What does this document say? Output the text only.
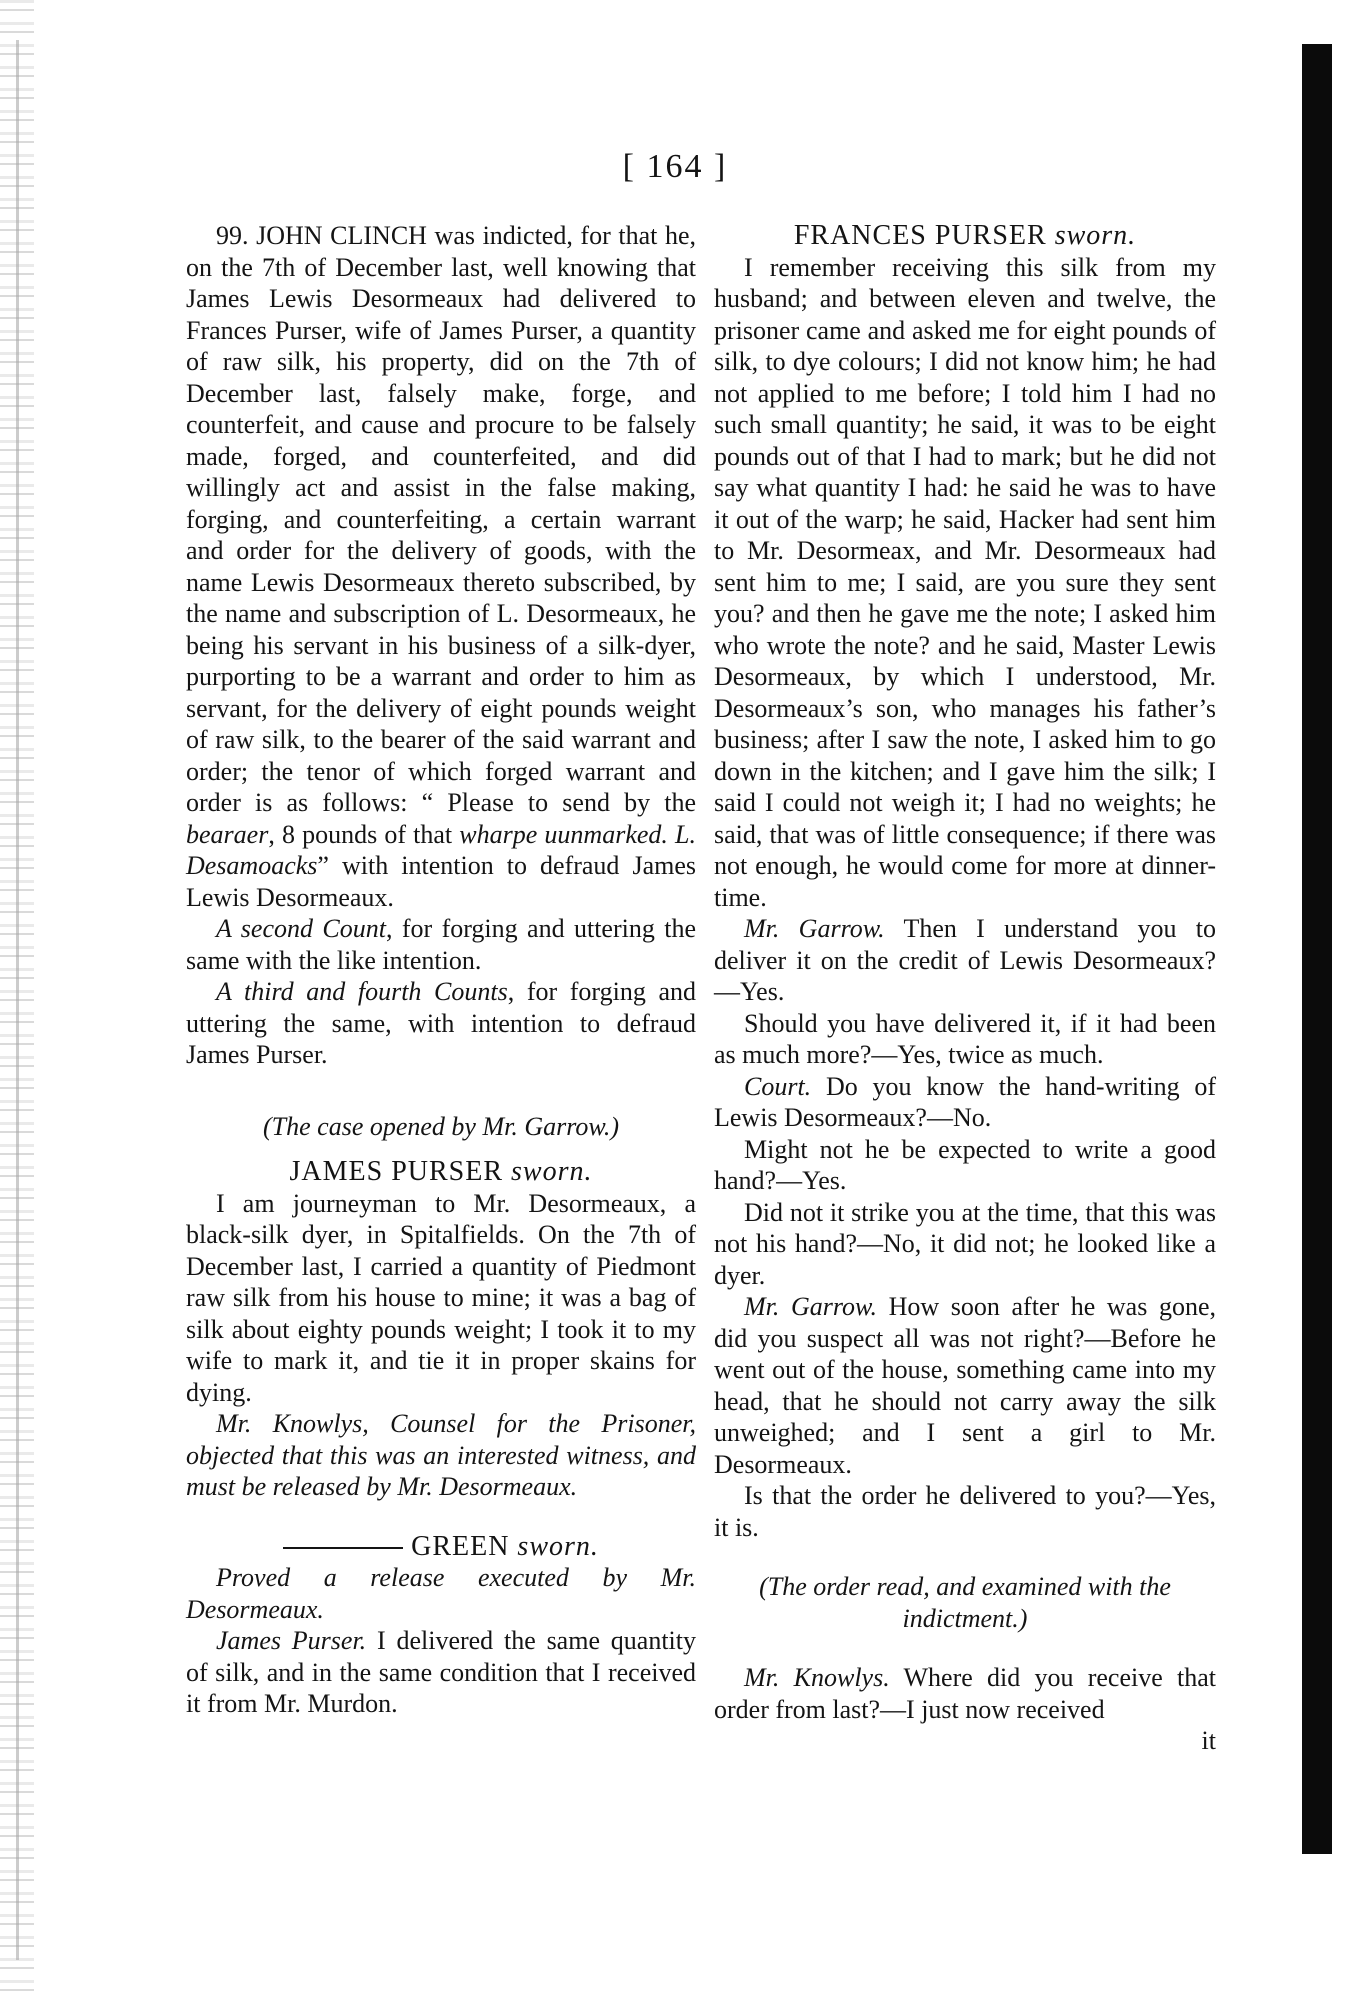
[ 164 ]

99. JOHN CLINCH was indicted, for that he, on the 7th of December last, well knowing that James Lewis Desormeaux had delivered to Frances Purser, wife of James Purser, a quantity of raw silk, his property, did on the 7th of December last, falsely make, forge, and counterfeit, and cause and procure to be falsely made, forged, and counterfeited, and did willingly act and assist in the false making, forging, and counterfeiting, a certain warrant and order for the delivery of goods, with the name Lewis Desormeaux thereto subscribed, by the name and subscription of L. Desormeaux, he being his servant in his business of a silk-dyer, purporting to be a warrant and order to him as servant, for the delivery of eight pounds weight of raw silk, to the bearer of the said warrant and order; the tenor of which forged warrant and order is as follows: “ Please to send by the bearaer, 8 pounds of that wharpe uunmarked. L. Desamoacks” with intention to defraud James Lewis Desormeaux.

A second Count, for forging and uttering the same with the like intention.

A third and fourth Counts, for forging and uttering the same, with intention to defraud James Purser.

(The case opened by Mr. Garrow.)

JAMES PURSER sworn.

I am journeyman to Mr. Desormeaux, a black-silk dyer, in Spitalfields. On the 7th of December last, I carried a quantity of Piedmont raw silk from his house to mine; it was a bag of silk about eighty pounds weight; I took it to my wife to mark it, and tie it in proper skains for dying.

Mr. Knowlys, Counsel for the Prisoner, objected that this was an interested witness, and must be released by Mr. Desormeaux.

GREEN sworn.

Proved a release executed by Mr. Desormeaux.

James Purser. I delivered the same quantity of silk, and in the same condition that I received it from Mr. Murdon.

FRANCES PURSER sworn.

I remember receiving this silk from my husband; and between eleven and twelve, the prisoner came and asked me for eight pounds of silk, to dye colours; I did not know him; he had not applied to me before; I told him I had no such small quantity; he said, it was to be eight pounds out of that I had to mark; but he did not say what quantity I had: he said he was to have it out of the warp; he said, Hacker had sent him to Mr. Desormeax, and Mr. Desormeaux had sent him to me; I said, are you sure they sent you? and then he gave me the note; I asked him who wrote the note? and he said, Master Lewis Desormeaux, by which I understood, Mr. Desormeaux’s son, who manages his father’s business; after I saw the note, I asked him to go down in the kitchen; and I gave him the silk; I said I could not weigh it; I had no weights; he said, that was of little consequence; if there was not enough, he would come for more at dinner-time.

Mr. Garrow. Then I understand you to deliver it on the credit of Lewis Desormeaux?—Yes.

Should you have delivered it, if it had been as much more?—Yes, twice as much.

Court. Do you know the hand-writing of Lewis Desormeaux?—No.

Might not he be expected to write a good hand?—Yes.

Did not it strike you at the time, that this was not his hand?—No, it did not; he looked like a dyer.

Mr. Garrow. How soon after he was gone, did you suspect all was not right?—Before he went out of the house, something came into my head, that he should not carry away the silk unweighed; and I sent a girl to Mr. Desormeaux.

Is that the order he delivered to you?—Yes, it is.

(The order read, and examined with the indictment.)

Mr. Knowlys. Where did you receive that order from last?—I just now received

it
